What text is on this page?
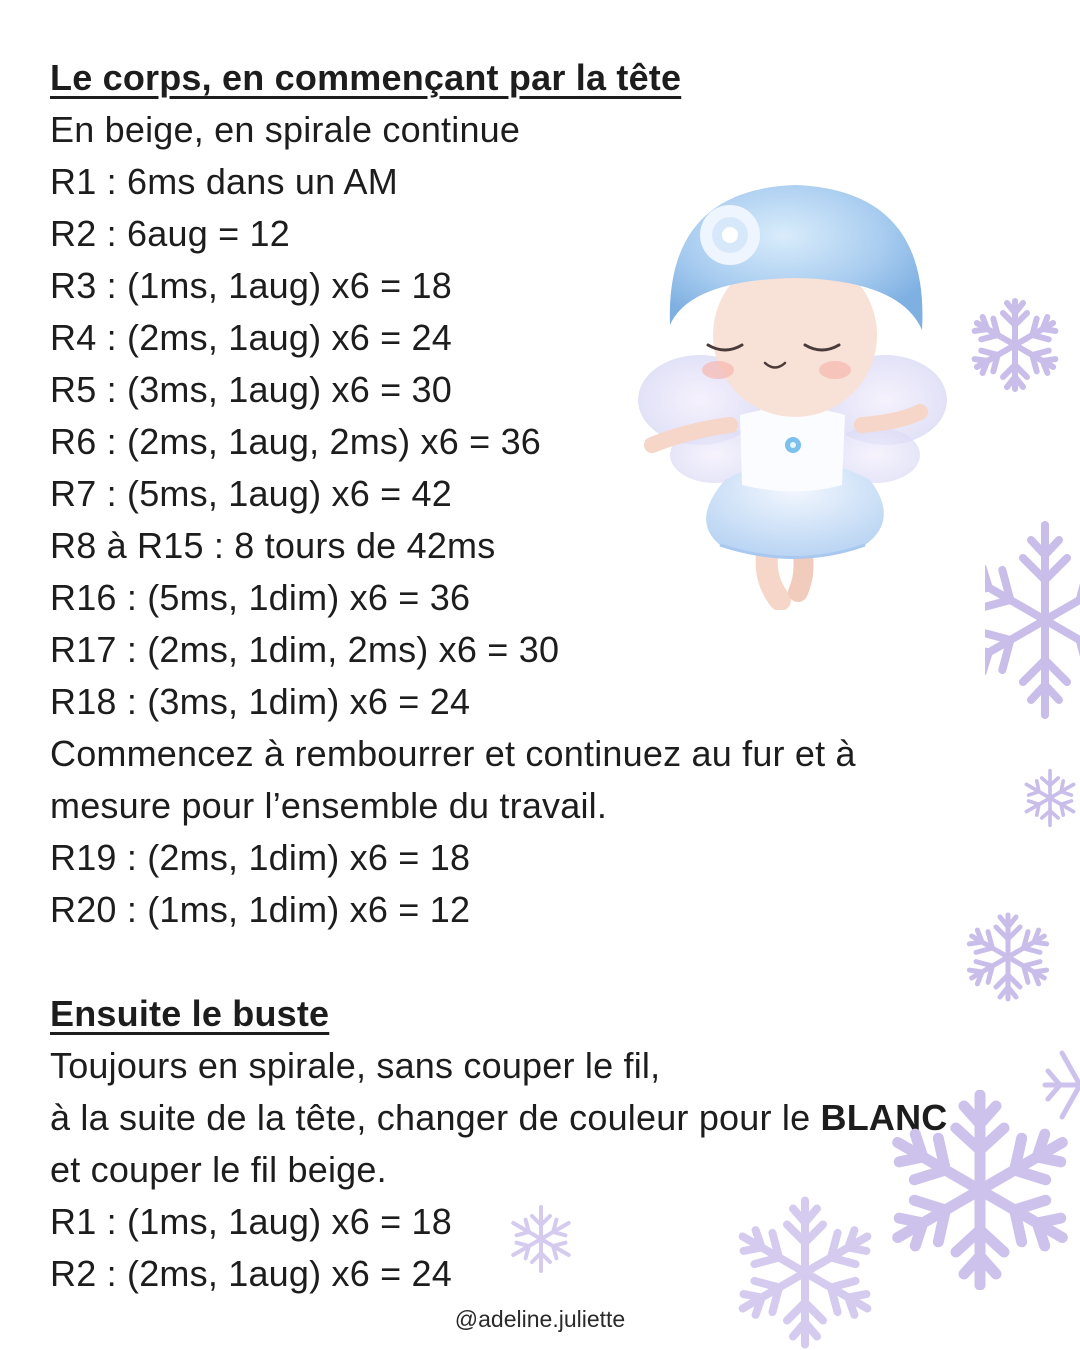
Le corps, en commençant par la tête
En beige, en spirale continue
R1 : 6ms dans un AM
R2 : 6aug = 12
R3 : (1ms, 1aug) x6 = 18
R4 : (2ms, 1aug) x6 = 24
R5 : (3ms, 1aug) x6 = 30
R6 : (2ms, 1aug, 2ms) x6 = 36
R7 : (5ms, 1aug) x6 = 42
R8 à R15 : 8 tours de 42ms
R16 : (5ms, 1dim) x6 = 36
R17 : (2ms, 1dim, 2ms) x6 = 30
R18 : (3ms, 1dim) x6 = 24
Commencez à rembourrer et continuez au fur et à mesure pour l’ensemble du travail.
R19 : (2ms, 1dim) x6 = 18
R20 : (1ms, 1dim) x6 = 12
Ensuite le buste
Toujours en spirale, sans couper le fil,
à la suite de la tête, changer de couleur pour le BLANC.
et couper le fil beige.
R1 : (1ms, 1aug) x6 = 18
R2 : (2ms, 1aug) x6 = 24
@adeline.juliette
